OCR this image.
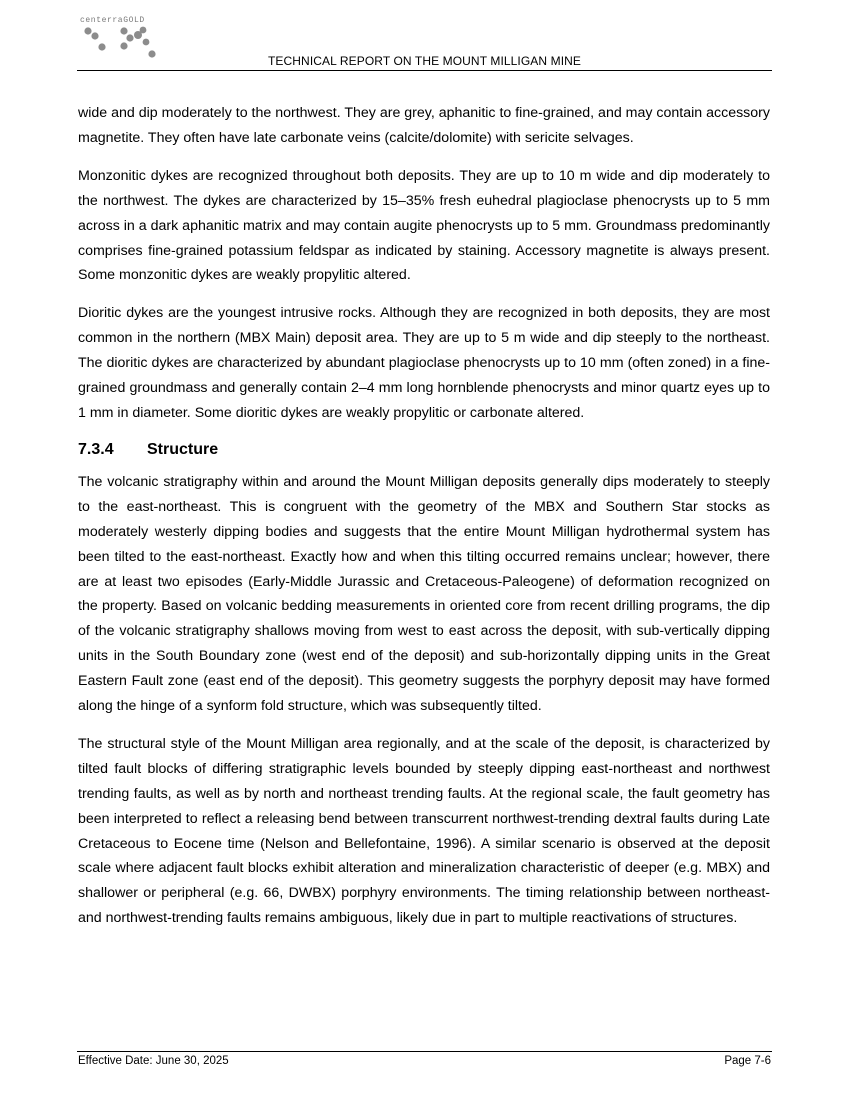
centerraGOLD
TECHNICAL REPORT ON THE MOUNT MILLIGAN MINE

wide and dip moderately to the northwest. They are grey, aphanitic to fine-grained, and may contain accessory magnetite. They often have late carbonate veins (calcite/dolomite) with sericite selvages.

Monzonitic dykes are recognized throughout both deposits. They are up to 10 m wide and dip moderately to the northwest. The dykes are characterized by 15–35% fresh euhedral plagioclase phenocrysts up to 5 mm across in a dark aphanitic matrix and may contain augite phenocrysts up to 5 mm. Groundmass predominantly comprises fine-grained potassium feldspar as indicated by staining. Accessory magnetite is always present. Some monzonitic dykes are weakly propylitic altered.

Dioritic dykes are the youngest intrusive rocks. Although they are recognized in both deposits, they are most common in the northern (MBX Main) deposit area. They are up to 5 m wide and dip steeply to the northeast. The dioritic dykes are characterized by abundant plagioclase phenocrysts up to 10 mm (often zoned) in a fine-grained groundmass and generally contain 2–4 mm long hornblende phenocrysts and minor quartz eyes up to 1 mm in diameter. Some dioritic dykes are weakly propylitic or carbonate altered.

7.3.4 Structure

The volcanic stratigraphy within and around the Mount Milligan deposits generally dips moderately to steeply to the east-northeast. This is congruent with the geometry of the MBX and Southern Star stocks as moderately westerly dipping bodies and suggests that the entire Mount Milligan hydrothermal system has been tilted to the east-northeast. Exactly how and when this tilting occurred remains unclear; however, there are at least two episodes (Early-Middle Jurassic and Cretaceous-Paleogene) of deformation recognized on the property. Based on volcanic bedding measurements in oriented core from recent drilling programs, the dip of the volcanic stratigraphy shallows moving from west to east across the deposit, with sub-vertically dipping units in the South Boundary zone (west end of the deposit) and sub-horizontally dipping units in the Great Eastern Fault zone (east end of the deposit). This geometry suggests the porphyry deposit may have formed along the hinge of a synform fold structure, which was subsequently tilted.

The structural style of the Mount Milligan area regionally, and at the scale of the deposit, is characterized by tilted fault blocks of differing stratigraphic levels bounded by steeply dipping east-northeast and northwest trending faults, as well as by north and northeast trending faults. At the regional scale, the fault geometry has been interpreted to reflect a releasing bend between transcurrent northwest-trending dextral faults during Late Cretaceous to Eocene time (Nelson and Bellefontaine, 1996). A similar scenario is observed at the deposit scale where adjacent fault blocks exhibit alteration and mineralization characteristic of deeper (e.g. MBX) and shallower or peripheral (e.g. 66, DWBX) porphyry environments. The timing relationship between northeast- and northwest-trending faults remains ambiguous, likely due in part to multiple reactivations of structures.

Effective Date: June 30, 2025	Page 7-6
